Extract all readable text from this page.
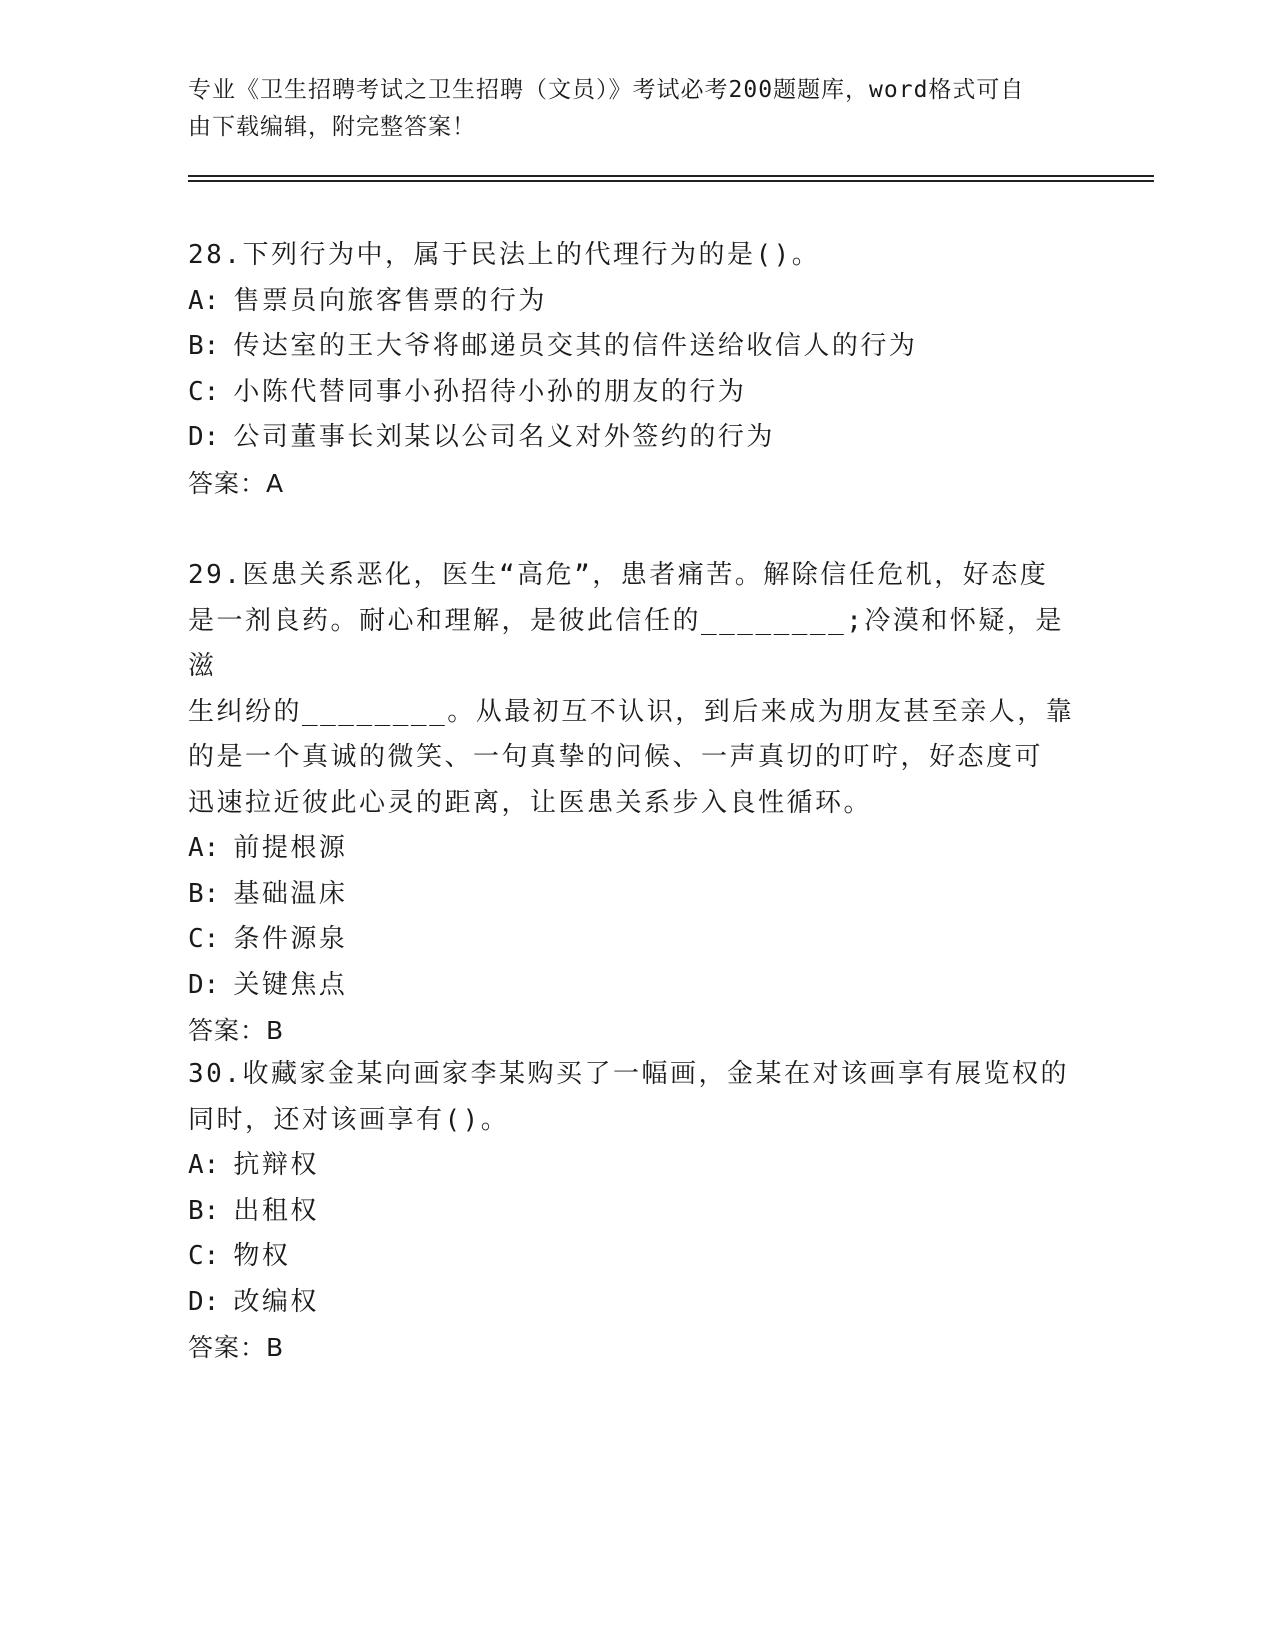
专业《卫生招聘考试之卫生招聘（文员）》考试必考200题题库，word格式可自
由下载编辑，附完整答案！
28.下列行为中，属于民法上的代理行为的是()。
A: 售票员向旅客售票的行为
B: 传达室的王大爷将邮递员交其的信件送给收信人的行为
C: 小陈代替同事小孙招待小孙的朋友的行为
D: 公司董事长刘某以公司名义对外签约的行为
答案：A
29.医患关系恶化，医生“高危”，患者痛苦。解除信任危机，好态度
是一剂良药。耐心和理解，是彼此信任的________;冷漠和怀疑，是滋
生纠纷的________。从最初互不认识，到后来成为朋友甚至亲人，靠
的是一个真诚的微笑、一句真挚的问候、一声真切的叮咛，好态度可
迅速拉近彼此心灵的距离，让医患关系步入良性循环。
A: 前提根源
B: 基础温床
C: 条件源泉
D: 关键焦点
答案：B
30.收藏家金某向画家李某购买了一幅画，金某在对该画享有展览权的
同时，还对该画享有()。
A: 抗辩权
B: 出租权
C: 物权
D: 改编权
答案：B
